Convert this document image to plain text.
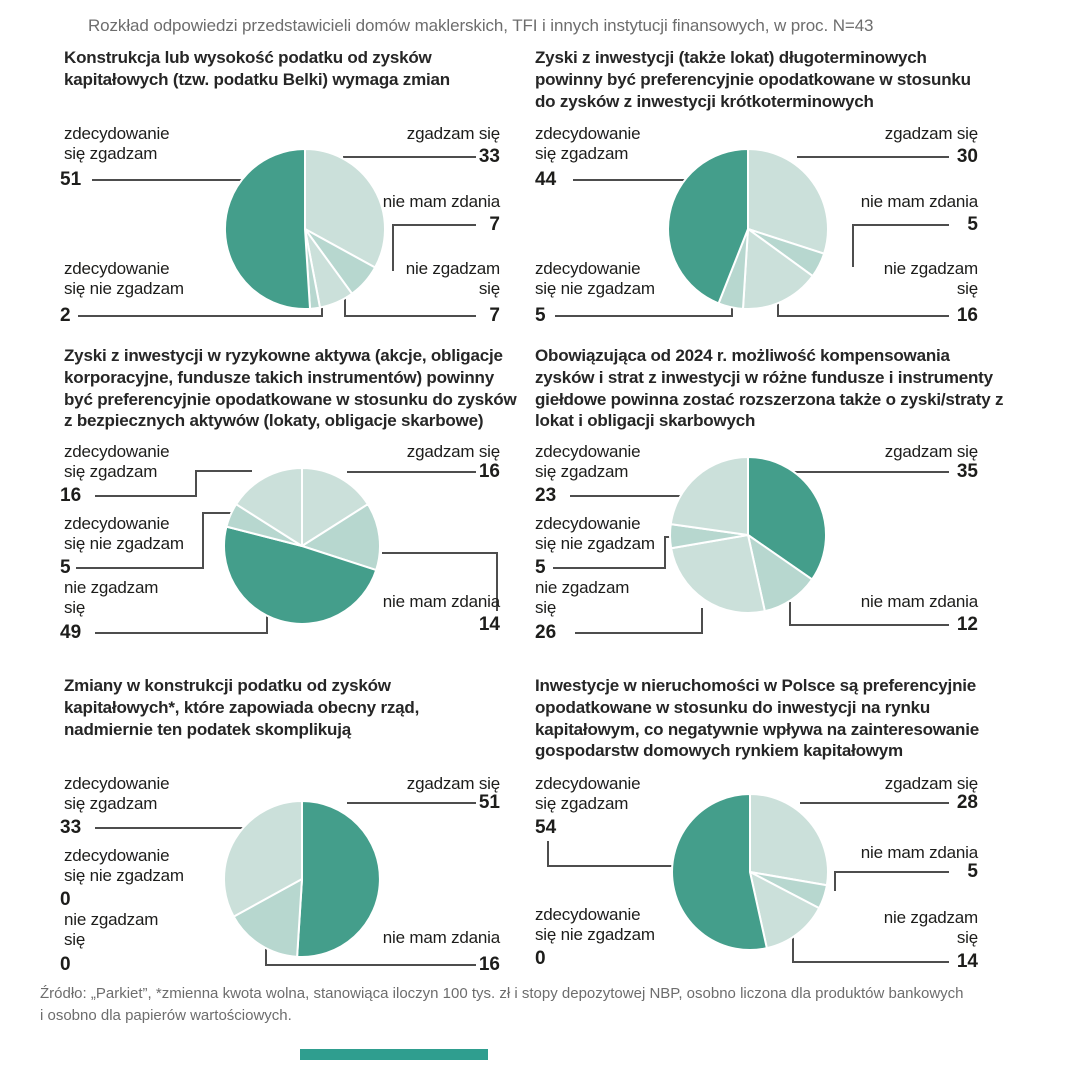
Rozkład odpowiedzi przedstawicieli domów maklerskich, TFI i innych instytucji finansowych, w proc. N=43
Konstrukcja lub wysokość podatku od zysków kapitałowych (tzw. podatku Belki) wymaga zmian
zdecydowanie się zgadzam
51
zgadzam się
33
nie mam zdania
7
nie zgadzam się
7
zdecydowanie się nie zgadzam
2
Zyski z inwestycji (także lokat) długoterminowych powinny być preferencyjnie opodatkowane w stosunku do zysków z inwestycji krótkoterminowych
zdecydowanie się zgadzam
44
zgadzam się
30
nie mam zdania
5
nie zgadzam się
16
zdecydowanie się nie zgadzam
5
Zyski z inwestycji w ryzykowne aktywa (akcje, obligacje korporacyjne, fundusze takich instrumentów) powinny być preferencyjnie opodatkowane w stosunku do zysków z bezpiecznych aktywów (lokaty, obligacje skarbowe)
zdecydowanie się zgadzam
16
zdecydowanie się nie zgadzam
5
nie zgadzam się
49
zgadzam się
16
nie mam zdania
14
Obowiązująca od 2024 r. możliwość kompensowania zysków i strat z inwestycji w różne fundusze i instrumenty giełdowe powinna zostać rozszerzona także o zyski/straty z lokat i obligacji skarbowych
zdecydowanie się zgadzam
23
zdecydowanie się nie zgadzam
5
nie zgadzam się
26
zgadzam się
35
nie mam zdania
12
Zmiany w konstrukcji podatku od zysków kapitałowych*, które zapowiada obecny rząd, nadmiernie ten podatek skomplikują
zdecydowanie się zgadzam
33
zdecydowanie się nie zgadzam
0
nie zgadzam się
0
zgadzam się
51
nie mam zdania
16
Inwestycje w nieruchomości w Polsce są preferencyjnie opodatkowane w stosunku do inwestycji na rynku kapitałowym, co negatywnie wpływa na zainteresowanie gospodarstw domowych rynkiem kapitałowym
zdecydowanie się zgadzam
54
zdecydowanie się nie zgadzam
0
zgadzam się
28
nie mam zdania
5
nie zgadzam się
14
Źródło: „Parkiet”, *zmienna kwota wolna, stanowiąca iloczyn 100 tys. zł i stopy depozytowej NBP, osobno liczona dla produktów bankowych
i osobno dla papierów wartościowych.
